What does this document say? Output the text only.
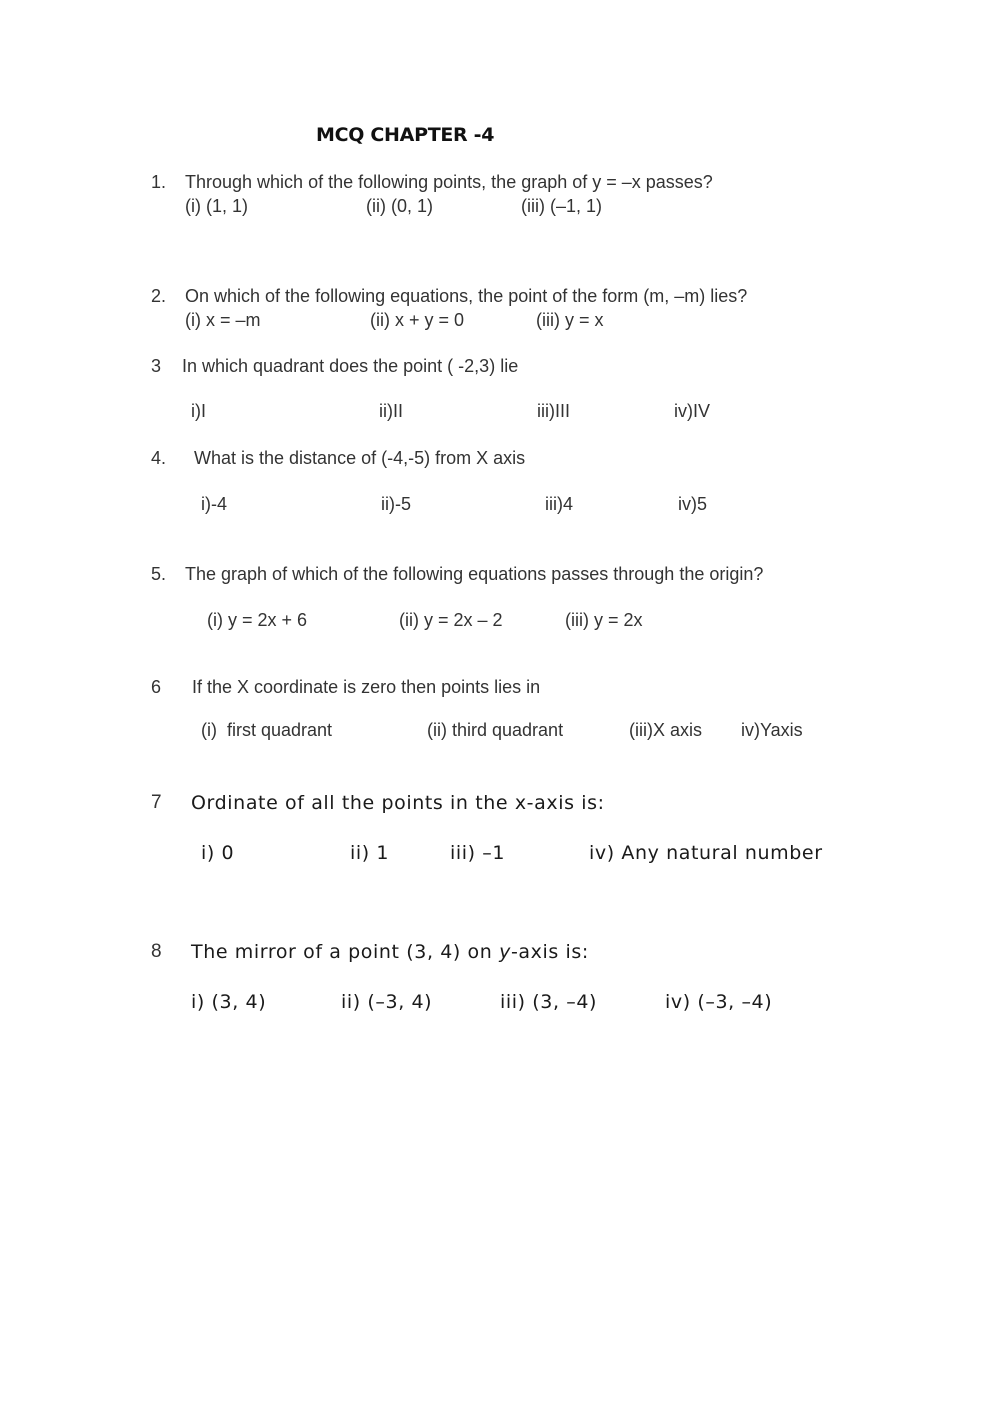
MCQ CHAPTER -4
1. Through which of the following points, the graph of y = –x passes?
(i) (1, 1)	(ii) (0, 1)	(iii) (–1, 1)
2. On which of the following equations, the point of the form (m, –m) lies?
(i) x = –m	(ii) x + y = 0	(iii) y = x
3 In which quadrant does the point ( -2,3) lie
i)I	ii)II	iii)III	iv)IV
4. What is the distance of (-4,-5) from X axis
i)-4	ii)-5	iii)4	iv)5
5. The graph of which of the following equations passes through the origin?
(i) y = 2x + 6	(ii) y = 2x – 2	(iii) y = 2x
6 If the X coordinate is zero then points lies in
(i)  first quadrant	(ii) third quadrant	(iii)X axis iv)Yaxis
7 Ordinate of all the points in the x-axis is:
i) 0	ii) 1	iii) –1	iv) Any natural number
8 The mirror of a point (3, 4) on y-axis is:
i) (3, 4)	ii) (–3, 4)	iii) (3, –4)	iv) (–3, –4)
